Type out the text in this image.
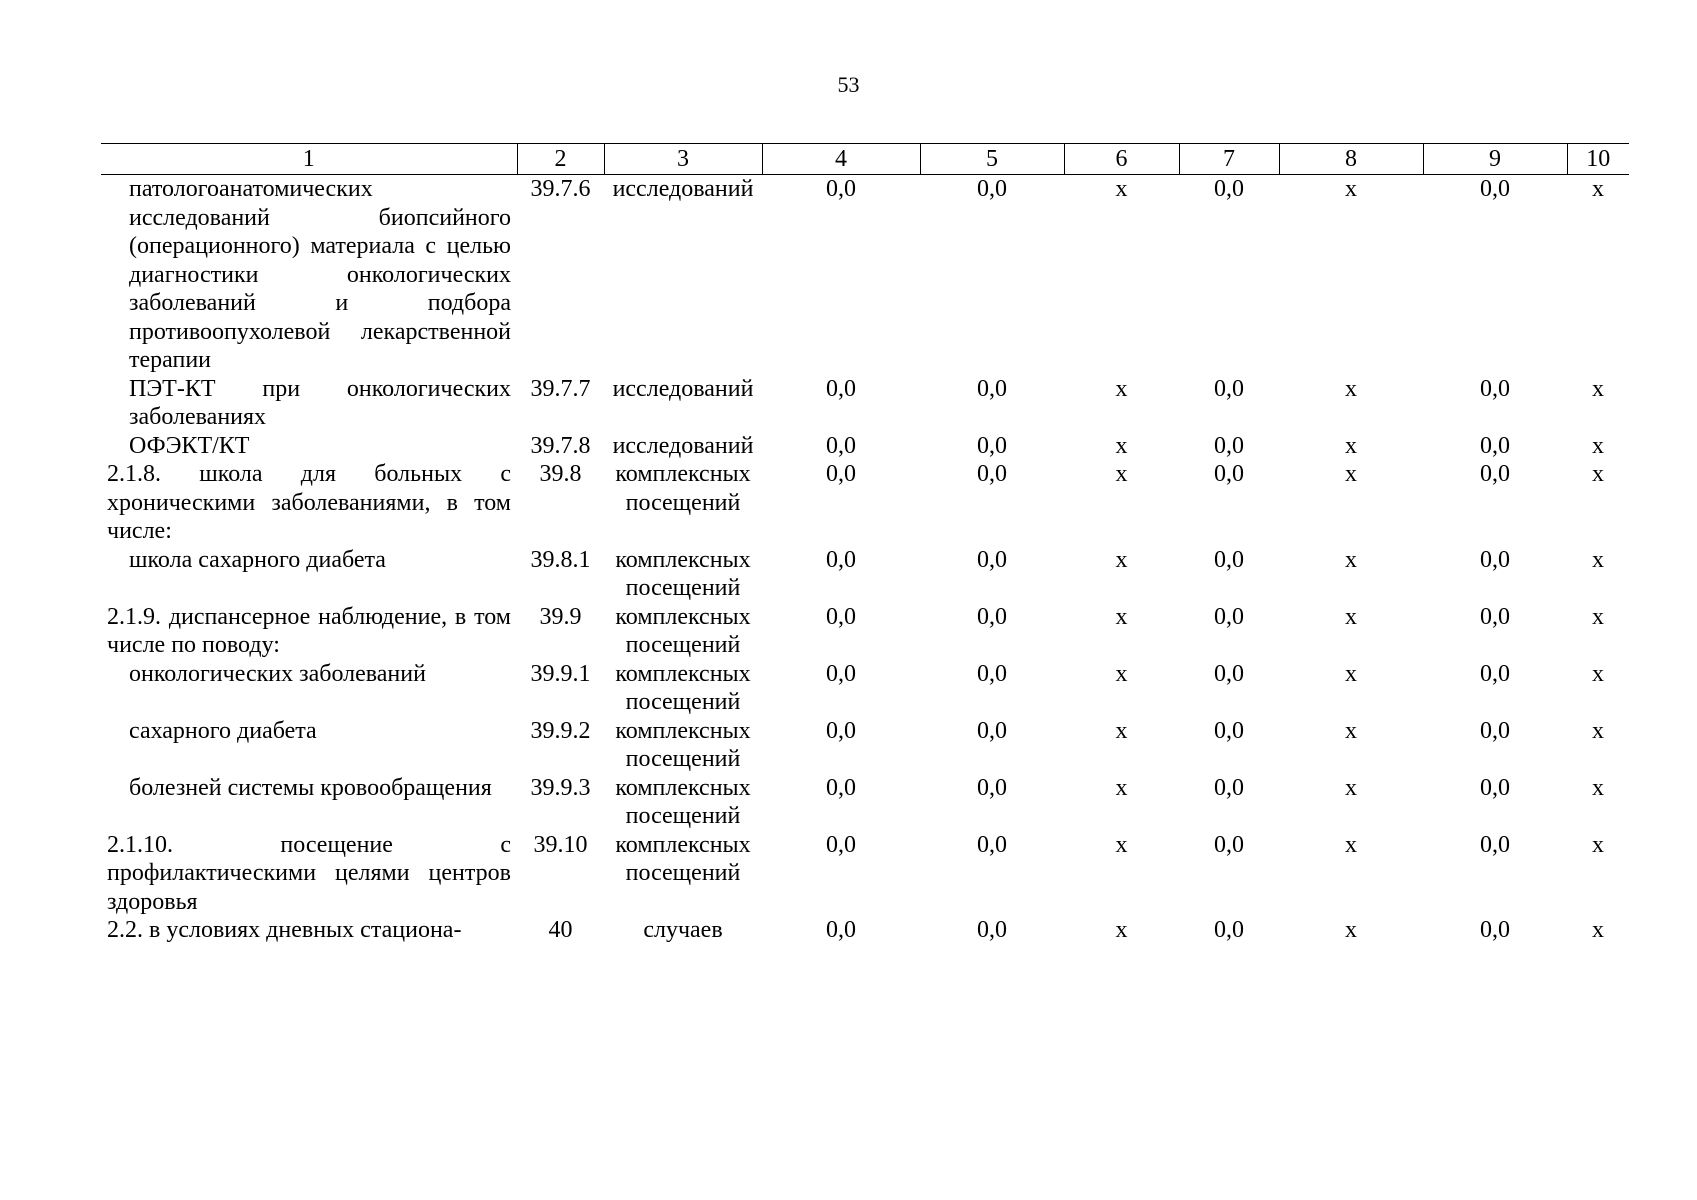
53
1	2	3	4	5	6	7	8	9	10
патологоанатомических исследований биопсийного (операционного) материала с целью диагностики онкологических заболеваний и подбора противоопухолевой лекарственной терапии	39.7.6	исследований	0,0	0,0	х	0,0	х	0,0	х
ПЭТ-КТ при онкологических заболеваниях	39.7.7	исследований	0,0	0,0	х	0,0	х	0,0	х
ОФЭКТ/КТ	39.7.8	исследований	0,0	0,0	х	0,0	х	0,0	х
2.1.8. школа для больных с хроническими заболеваниями, в том числе:	39.8	комплексных посещений	0,0	0,0	х	0,0	х	0,0	х
школа сахарного диабета	39.8.1	комплексных посещений	0,0	0,0	х	0,0	х	0,0	х
2.1.9. диспансерное наблюдение, в том числе по поводу:	39.9	комплексных посещений	0,0	0,0	х	0,0	х	0,0	х
онкологических заболеваний	39.9.1	комплексных посещений	0,0	0,0	х	0,0	х	0,0	х
сахарного диабета	39.9.2	комплексных посещений	0,0	0,0	х	0,0	х	0,0	х
болезней системы кровообращения	39.9.3	комплексных посещений	0,0	0,0	х	0,0	х	0,0	х
2.1.10. посещение с профилактическими целями центров здоровья	39.10	комплексных посещений	0,0	0,0	х	0,0	х	0,0	х
2.2. в условиях дневных стациона-	40	случаев	0,0	0,0	х	0,0	х	0,0	х
